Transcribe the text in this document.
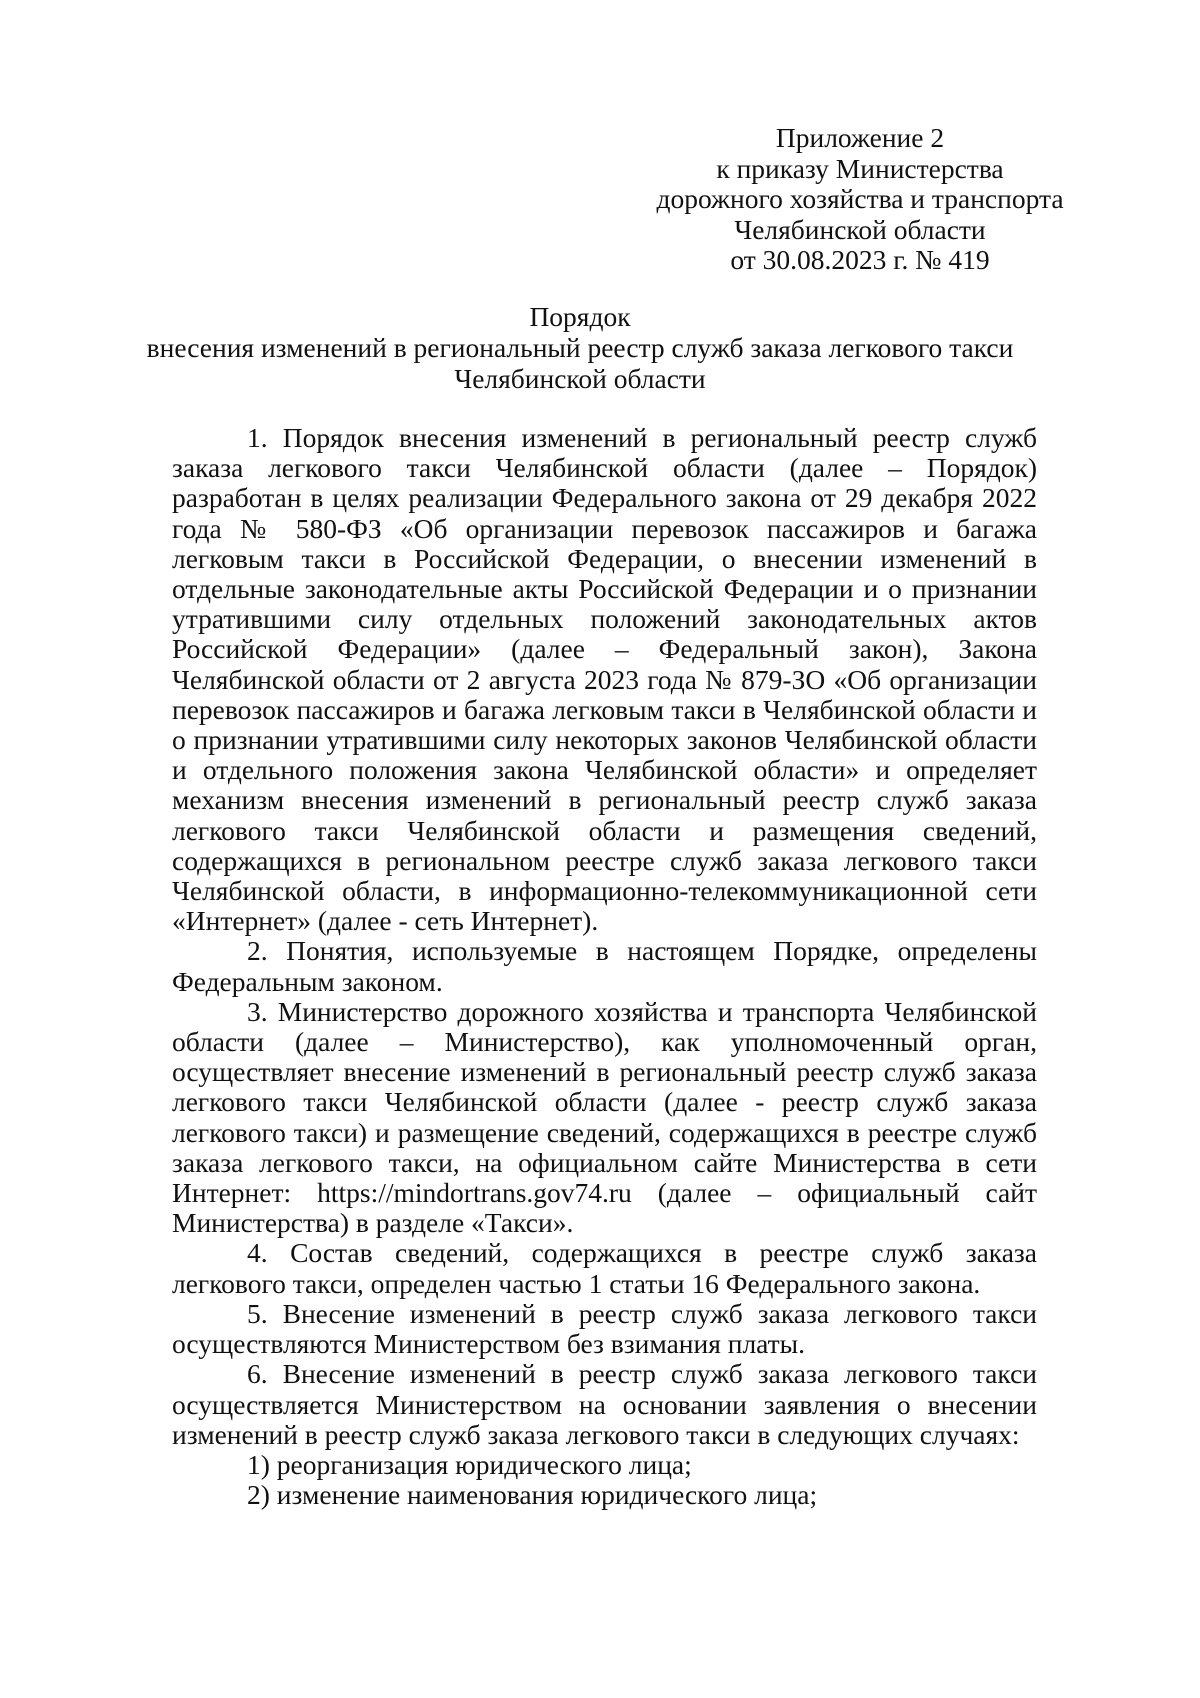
Приложение 2
к приказу Министерства
дорожного хозяйства и транспорта
Челябинской области
от 30.08.2023 г. № 419
Порядок
внесения изменений в региональный реестр служб заказа легкового такси
Челябинской области

1. Порядок внесения изменений в региональный реестр служб заказа легкового такси Челябинской области (далее – Порядок) разработан в целях реализации Федерального закона от 29 декабря 2022 года № 580-ФЗ «Об организации перевозок пассажиров и багажа легковым такси в Российской Федерации, о внесении изменений в отдельные законодательные акты Российской Федерации и о признании утратившими силу отдельных положений законодательных актов Российской Федерации» (далее – Федеральный закон), Закона Челябинской области от 2 августа 2023 года № 879-ЗО «Об организации перевозок пассажиров и багажа легковым такси в Челябинской области и о признании утратившими силу некоторых законов Челябинской области и отдельного положения закона Челябинской области» и определяет механизм внесения изменений в региональный реестр служб заказа легкового такси Челябинской области и размещения сведений, содержащихся в региональном реестре служб заказа легкового такси Челябинской области, в информационно-телекоммуникационной сети «Интернет» (далее - сеть Интернет).

2. Понятия, используемые в настоящем Порядке, определены Федеральным законом.

3. Министерство дорожного хозяйства и транспорта Челябинской области (далее – Министерство), как уполномоченный орган, осуществляет внесение изменений в региональный реестр служб заказа легкового такси Челябинской области (далее - реестр служб заказа легкового такси) и размещение сведений, содержащихся в реестре служб заказа легкового такси, на официальном сайте Министерства в сети Интернет: https://mindortrans.gov74.ru (далее – официальный сайт Министерства) в разделе «Такси».

4. Состав сведений, содержащихся в реестре служб заказа легкового такси, определен частью 1 статьи 16 Федерального закона.

5. Внесение изменений в реестр служб заказа легкового такси осуществляются Министерством без взимания платы.

6. Внесение изменений в реестр служб заказа легкового такси осуществляется Министерством на основании заявления о внесении изменений в реестр служб заказа легкового такси в следующих случаях:

1) реорганизация юридического лица;

2) изменение наименования юридического лица;
